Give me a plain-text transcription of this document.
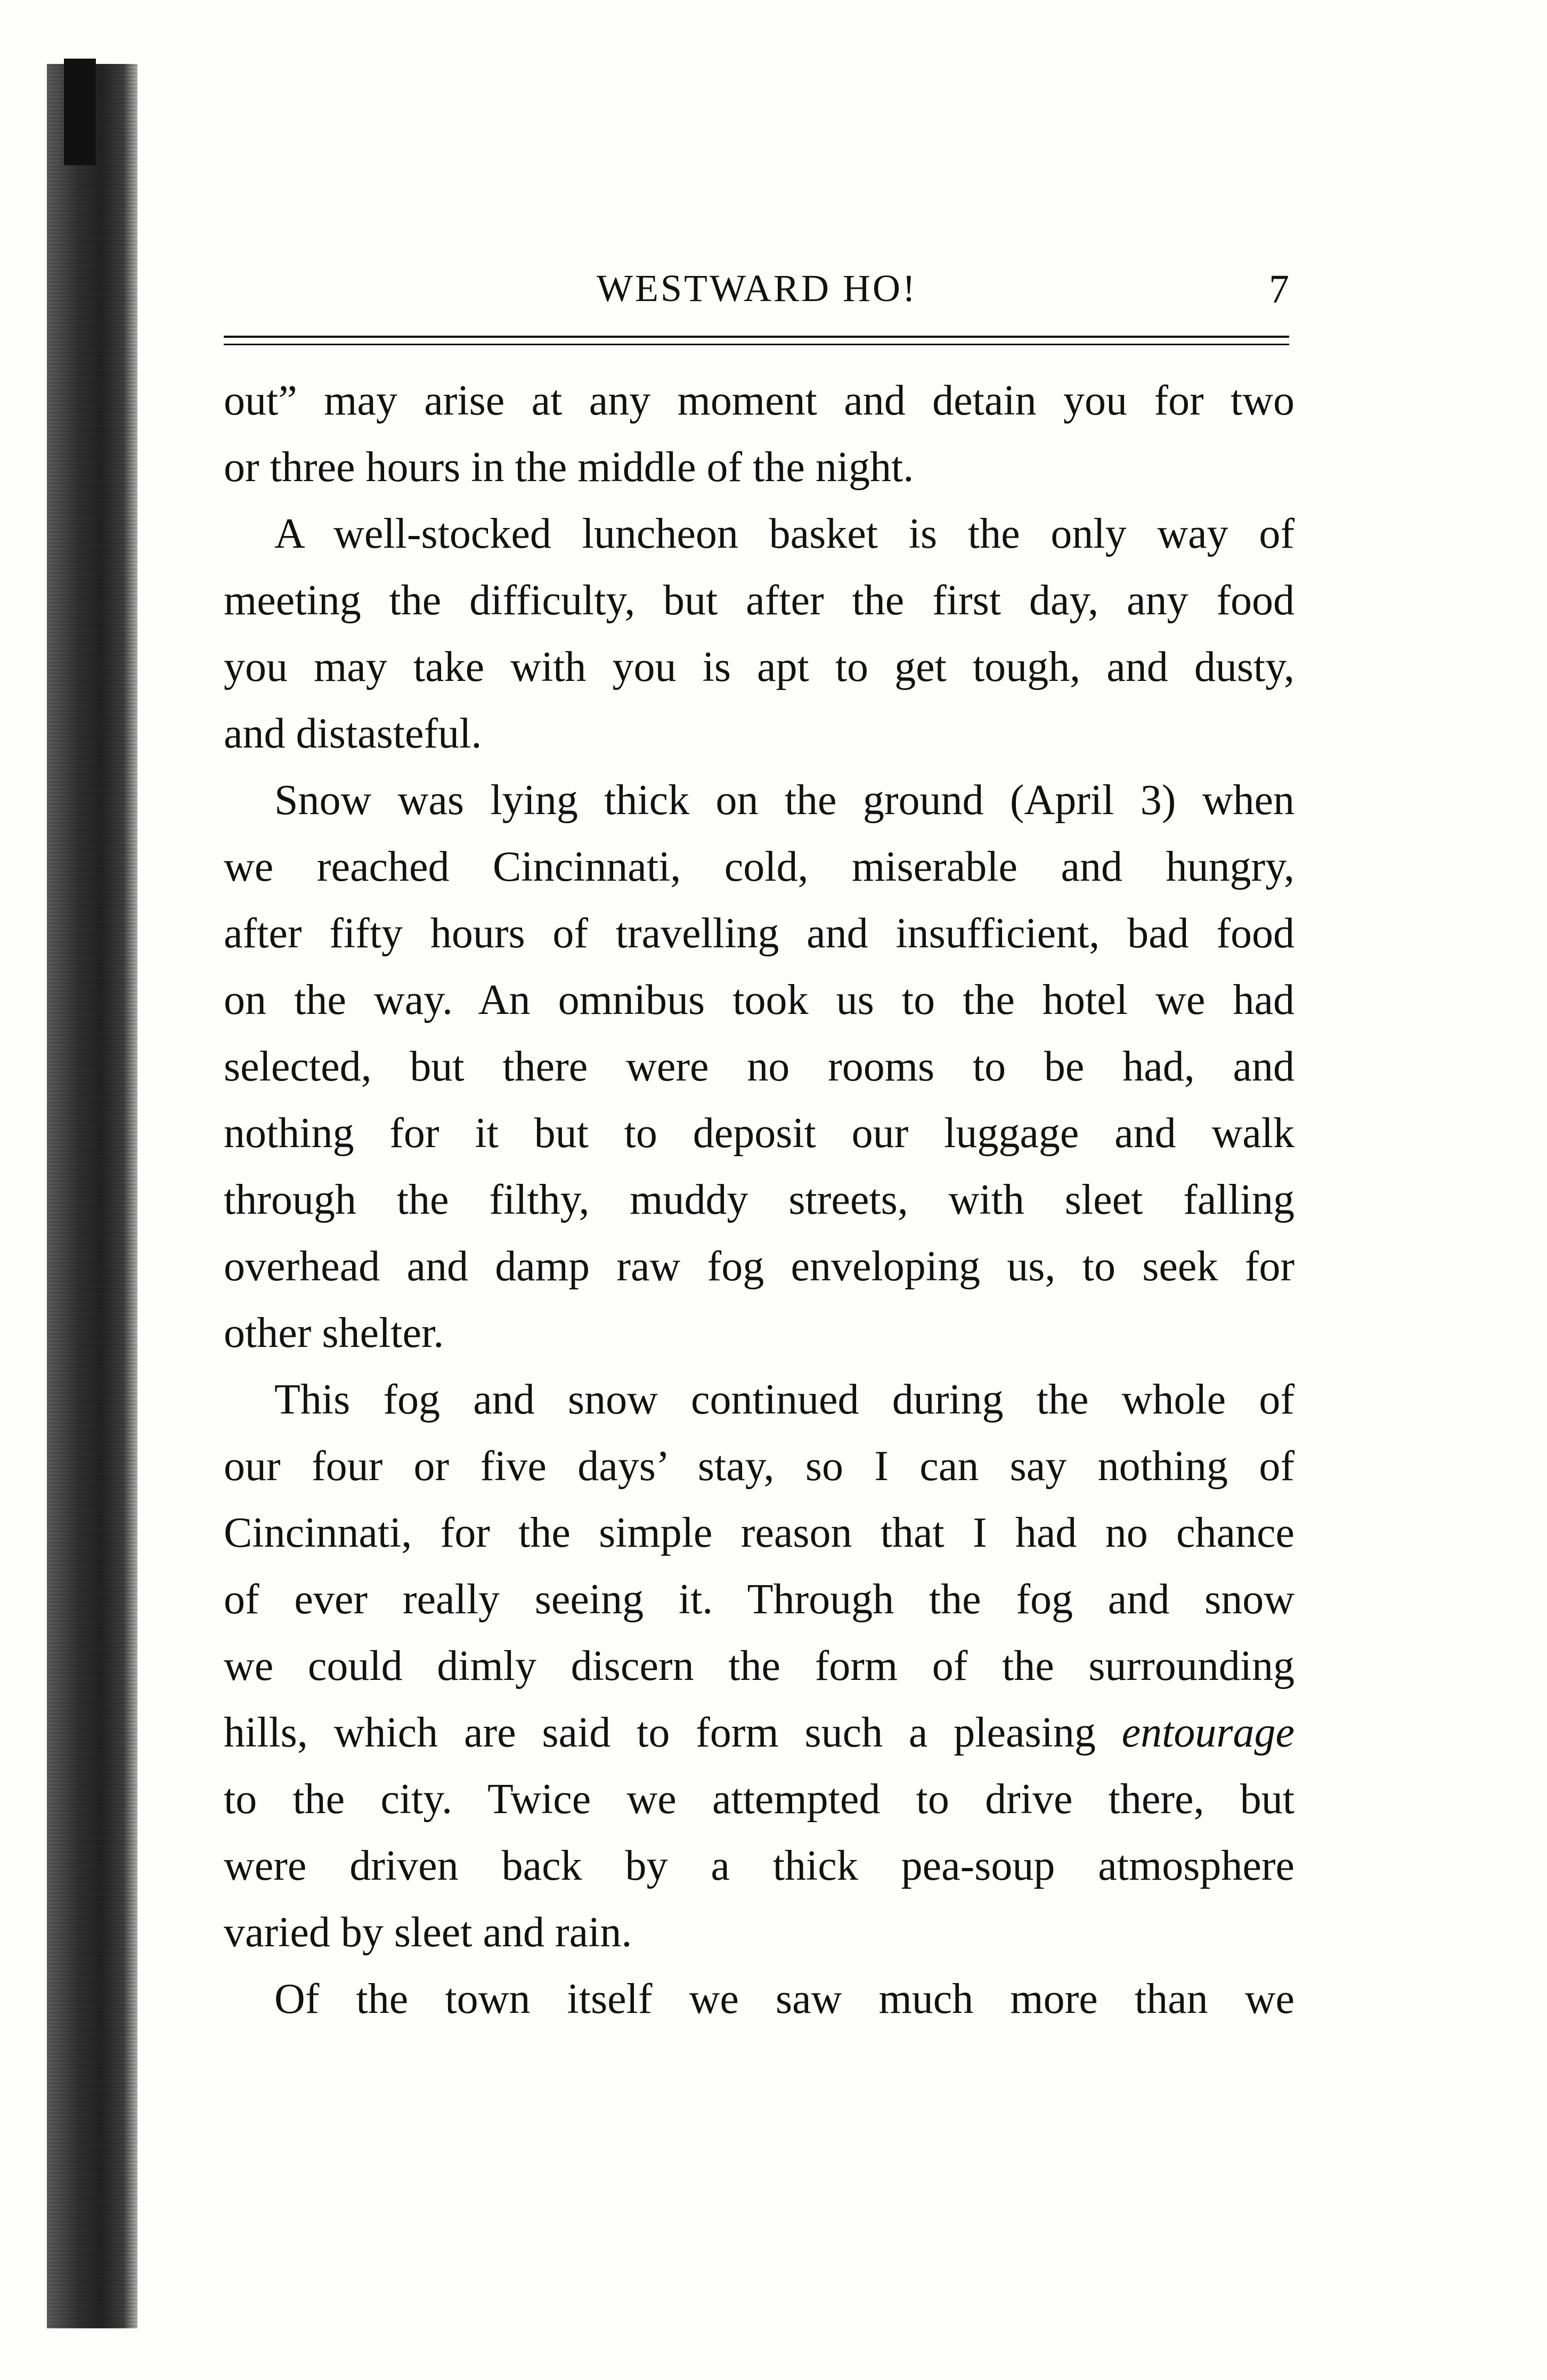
WESTWARD HO!	7
out” may arise at any moment and detain you for two
or three hours in the middle of the night.
A well-stocked luncheon basket is the only way of
meeting the difficulty, but after the first day, any food
you may take with you is apt to get tough, and dusty,
and distasteful.
Snow was lying thick on the ground (April 3) when
we reached Cincinnati, cold, miserable and hungry,
after fifty hours of travelling and insufficient, bad food
on the way. An omnibus took us to the hotel we had
selected, but there were no rooms to be had, and
nothing for it but to deposit our luggage and walk
through the filthy, muddy streets, with sleet falling
overhead and damp raw fog enveloping us, to seek for
other shelter.
This fog and snow continued during the whole of
our four or five days’ stay, so I can say nothing of
Cincinnati, for the simple reason that I had no chance
of ever really seeing it. Through the fog and snow
we could dimly discern the form of the surrounding
hills, which are said to form such a pleasing entourage
to the city. Twice we attempted to drive there, but
were driven back by a thick pea-soup atmosphere
varied by sleet and rain.
Of the town itself we saw much more than we
